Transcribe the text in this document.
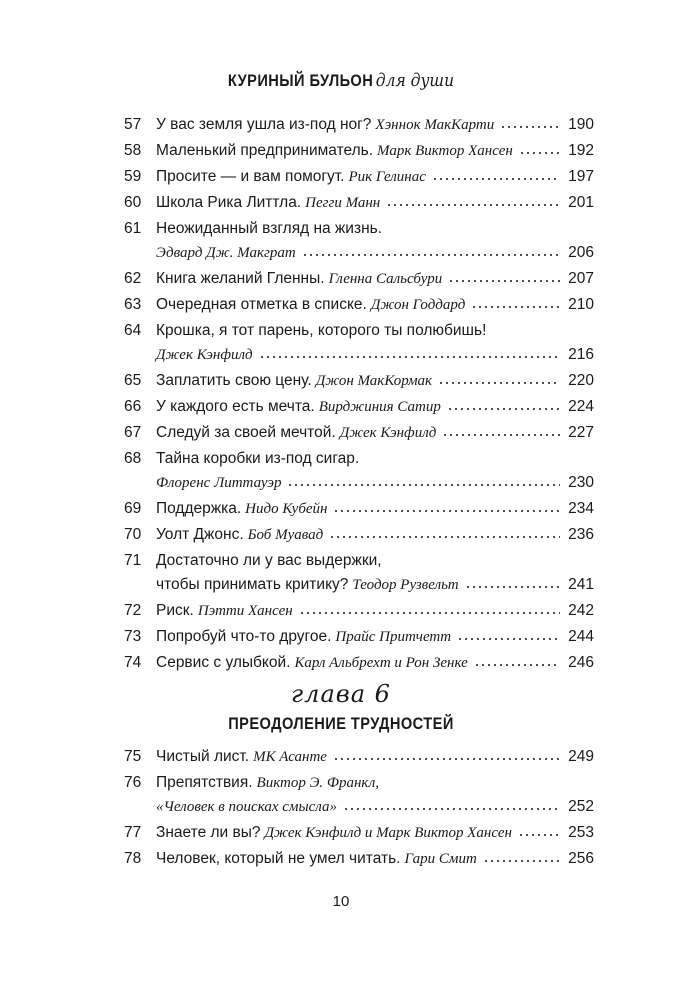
КУРИНЫЙ БУЛЬОН для души
57 У вас земля ушла из-под ног? Хэннок МакКарти	190
58 Маленький предприниматель. Марк Виктор Хансен	192
59 Просите — и вам помогут. Рик Гелинас	197
60 Школа Рика Литтла. Пегги Манн	201
61 Неожиданный взгляд на жизнь.
Эдвард Дж. Макграт	206
62 Книга желаний Гленны. Гленна Сальсбури	207
63 Очередная отметка в списке. Джон Годдард	210
64 Крошка, я тот парень, которого ты полюбишь!
Джек Кэнфилд	216
65 Заплатить свою цену. Джон МакКормак	220
66 У каждого есть мечта. Вирджиния Сатир	224
67 Следуй за своей мечтой. Джек Кэнфилд	227
68 Тайна коробки из-под сигар.
Флоренс Литтауэр	230
69 Поддержка. Нидо Кубейн	234
70 Уолт Джонс. Боб Муавад	236
71 Достаточно ли у вас выдержки,
чтобы принимать критику? Теодор Рузвельт	241
72 Риск. Пэтти Хансен	242
73 Попробуй что-то другое. Прайс Притчетт	244
74 Сервис с улыбкой. Карл Альбрехт и Рон Зенке	246
глава 6
ПРЕОДОЛЕНИЕ ТРУДНОСТЕЙ
75 Чистый лист. МК Асанте	249
76 Препятствия. Виктор Э. Франкл,
«Человек в поисках смысла»	252
77 Знаете ли вы? Джек Кэнфилд и Марк Виктор Хансен	253
78 Человек, который не умел читать. Гари Смит	256
10
